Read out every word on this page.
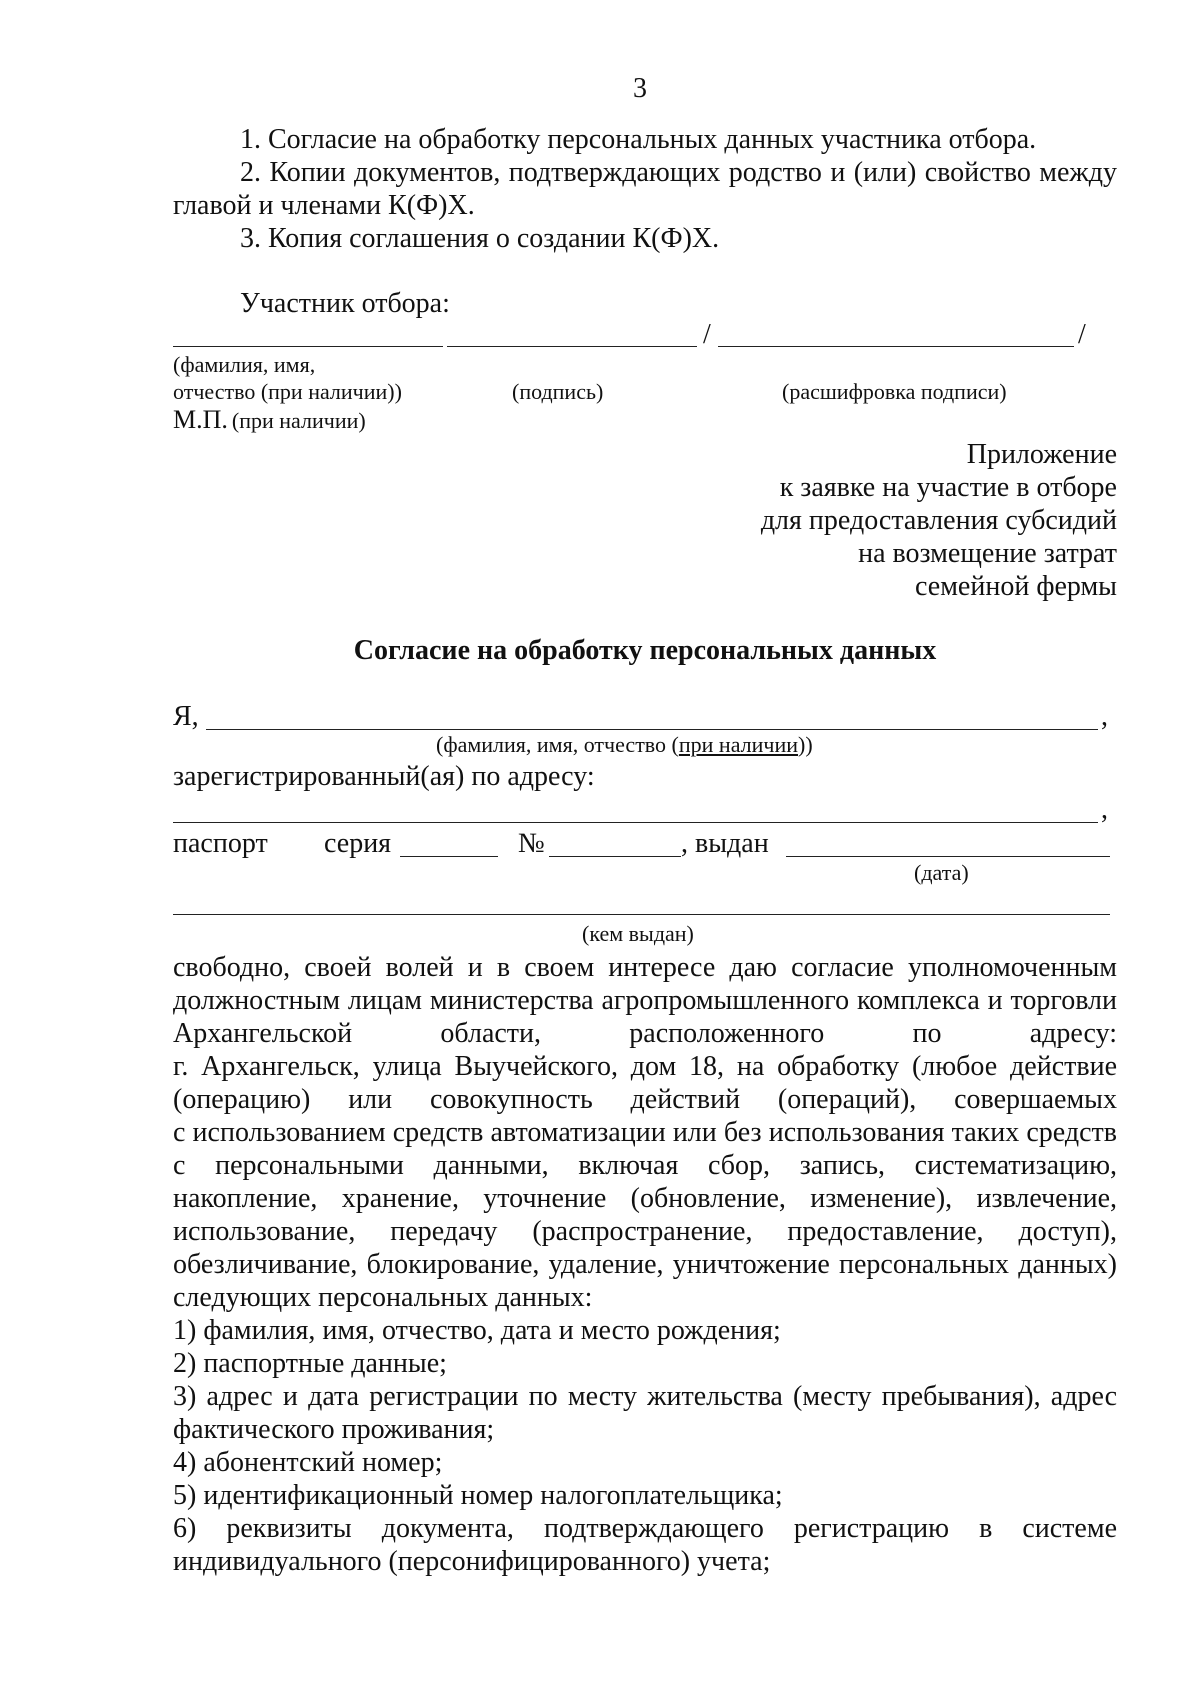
3
1. Согласие на обработку персональных данных участника отбора.
2. Копии документов, подтверждающих родство и (или) свойство между
главой и членами К(Ф)Х.
3. Копия соглашения о создании К(Ф)Х.
Участник отбора:
/	/
(фамилия, имя,
отчество (при наличии))	(подпись)	(расшифровка подписи)
М.П. (при наличии)
Приложение
к заявке на участие в отборе
для предоставления субсидий
на возмещение затрат
семейной фермы
Согласие на обработку персональных данных
Я,	,
(фамилия, имя, отчество (при наличии))
зарегистрированный(ая) по адресу:
,
паспорт серия	№	, выдан
(дата)
(кем выдан)
свободно, своей волей и в своем интересе даю согласие уполномоченным
должностным лицам министерства агропромышленного комплекса и торговли
Архангельской области, расположенного по адресу:
г. Архангельск, улица Выучейского, дом 18, на обработку (любое действие
(операцию) или совокупность действий (операций), совершаемых
с использованием средств автоматизации или без использования таких средств
с персональными данными, включая сбор, запись, систематизацию,
накопление, хранение, уточнение (обновление, изменение), извлечение,
использование, передачу (распространение, предоставление, доступ),
обезличивание, блокирование, удаление, уничтожение персональных данных)
следующих персональных данных:
1) фамилия, имя, отчество, дата и место рождения;
2) паспортные данные;
3) адрес и дата регистрации по месту жительства (месту пребывания), адрес
фактического проживания;
4) абонентский номер;
5) идентификационный номер налогоплательщика;
6) реквизиты документа, подтверждающего регистрацию в системе
индивидуального (персонифицированного) учета;
